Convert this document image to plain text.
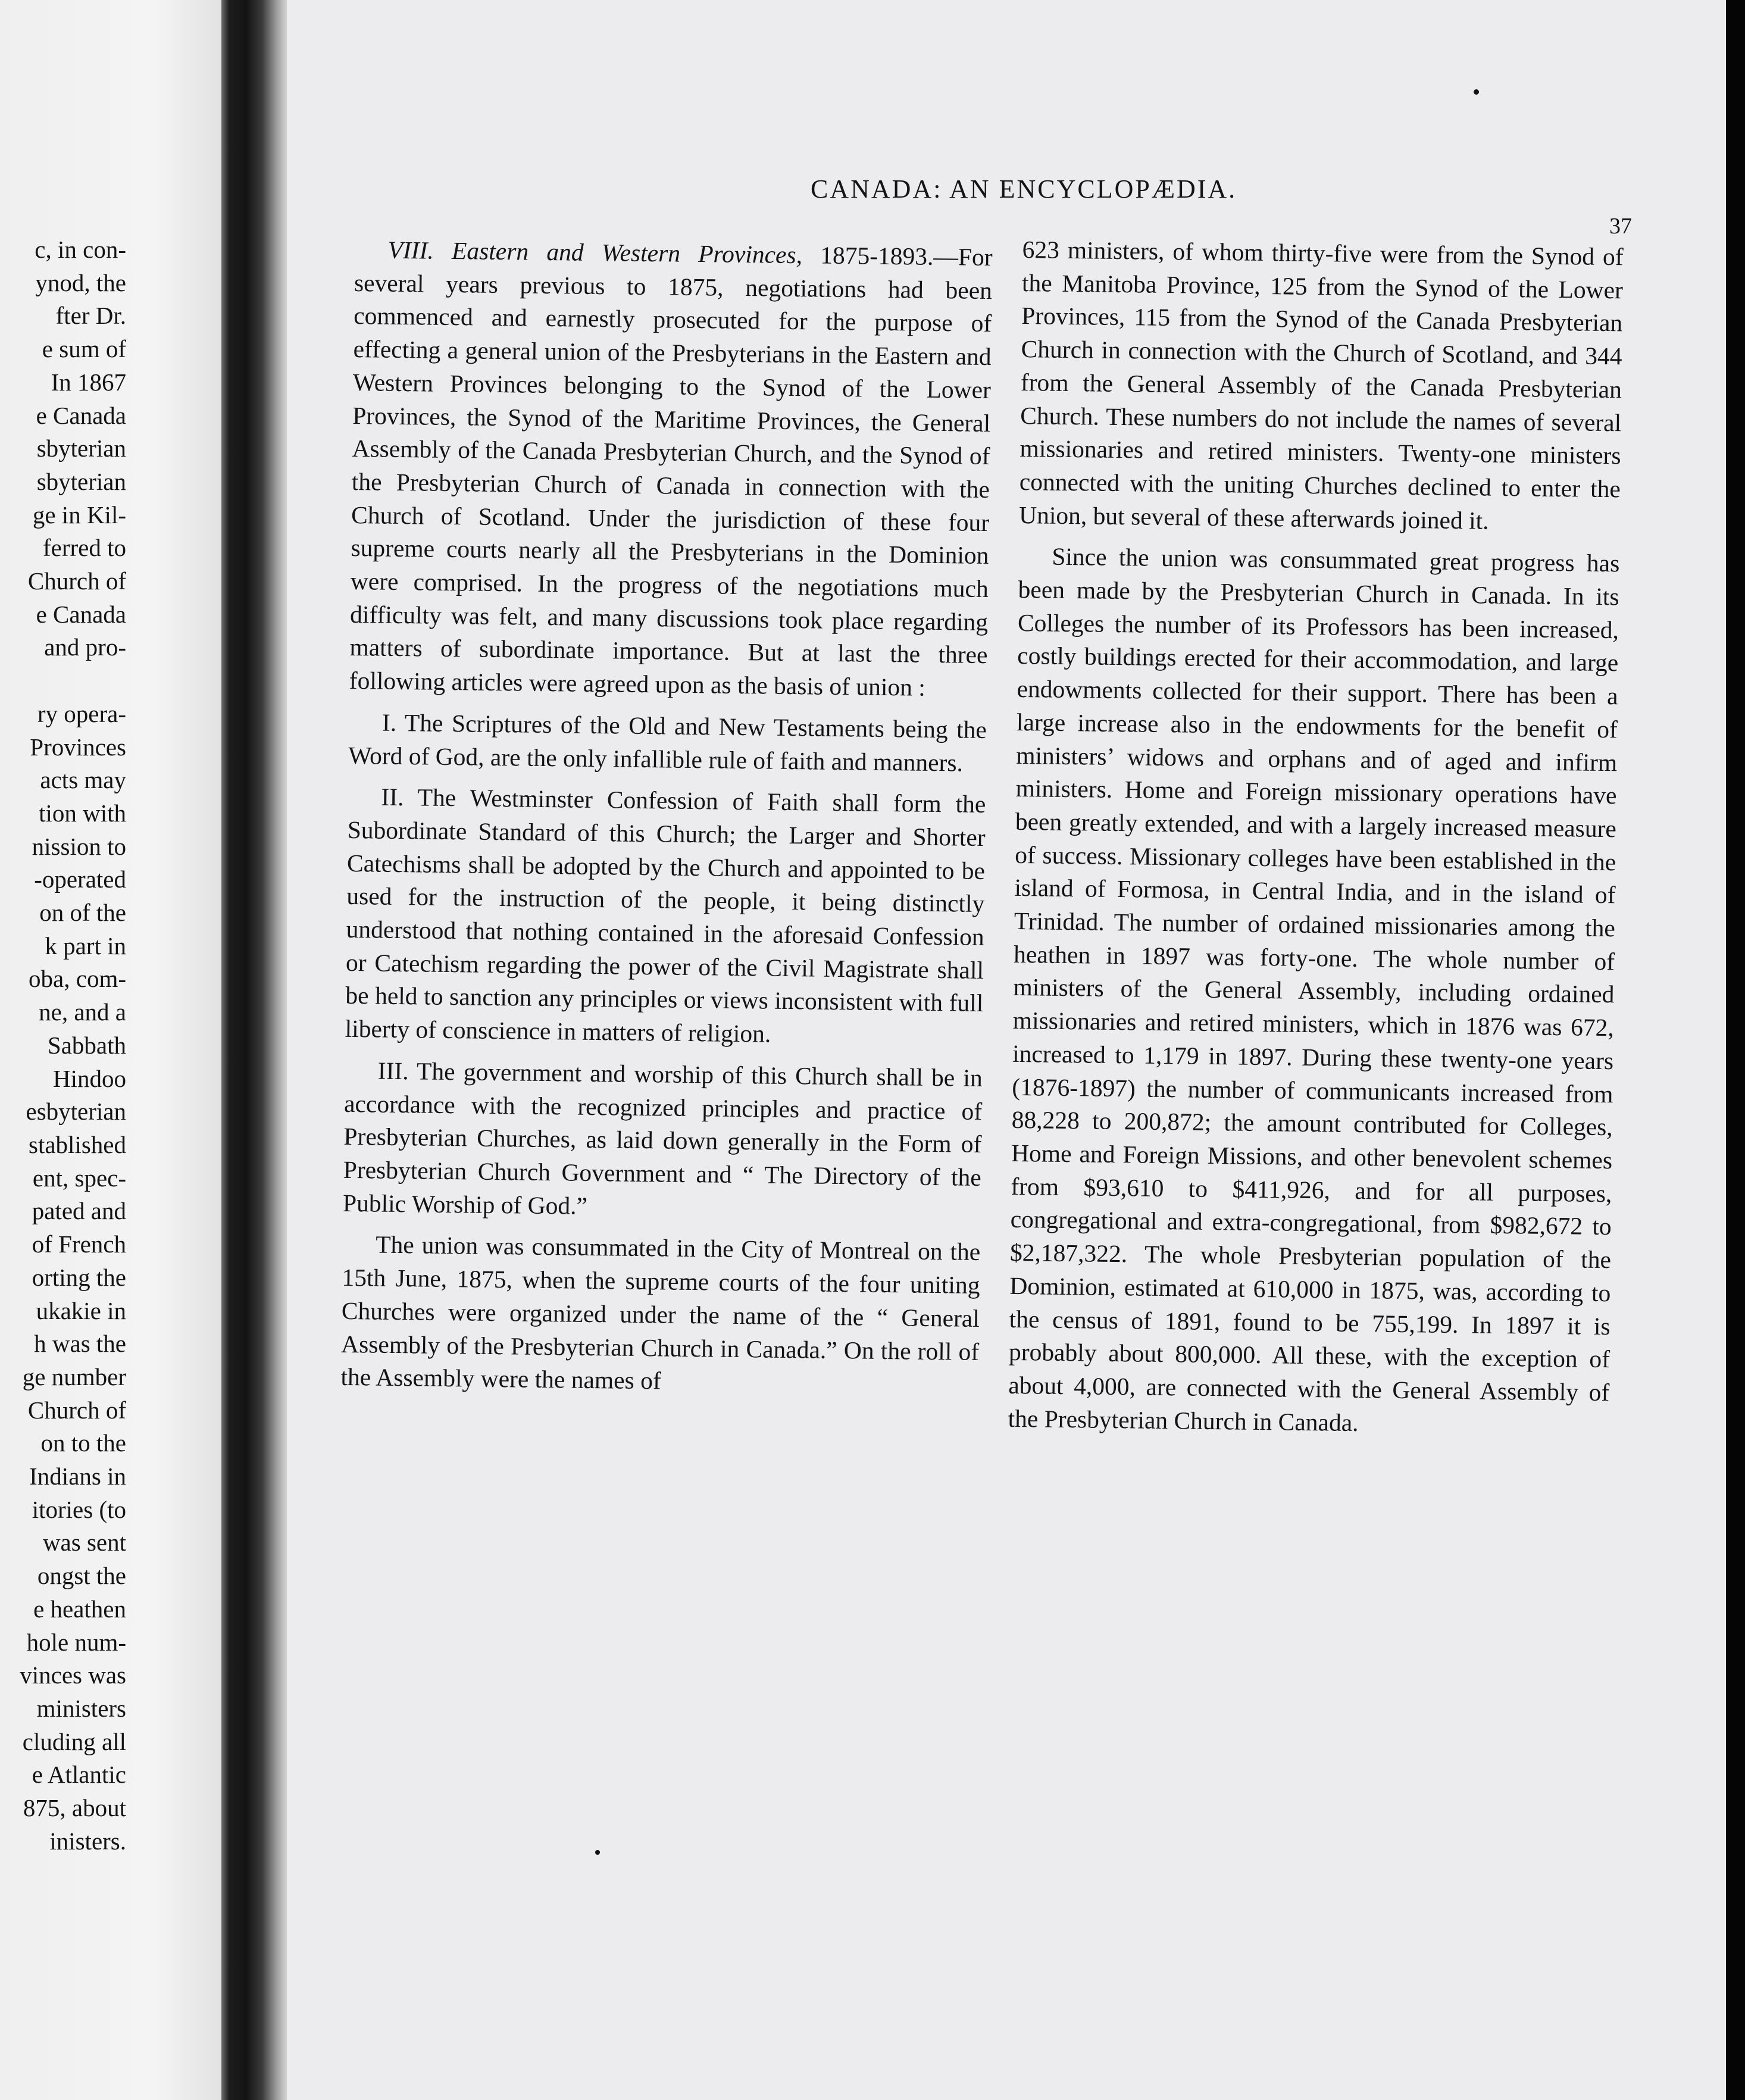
c, in con-
ynod, the
fter Dr.
e sum of
In 1867
e Canada
sbyterian
sbyterian
ge in Kil-
ferred to
Church of
e Canada
and pro-

ry opera-
Provinces
acts may
tion with
nission to
-operated
on of the
k part in
oba, com-
ne, and a
Sabbath
Hindoo
esbyterian
stablished
ent, spec-
pated and
of French
orting the
ukakie in
h was the
ge number
Church of
on to the
Indians in
itories (to
was sent
ongst the
e heathen
hole num-
vinces was
ministers
cluding all
e Atlantic
875, about
inisters.
CANADA: AN ENCYCLOPÆDIA.
37

VIII. Eastern and Western Provinces, 1875-1893.—For several years previous to 1875, negotiations had been commenced and earnestly prosecuted for the purpose of effecting a general union of the Presbyterians in the Eastern and Western Provinces belonging to the Synod of the Lower Provinces, the Synod of the Maritime Provinces, the General Assembly of the Canada Presbyterian Church, and the Synod of the Presbyterian Church of Canada in connection with the Church of Scotland. Under the jurisdiction of these four supreme courts nearly all the Presbyterians in the Dominion were comprised. In the progress of the negotiations much difficulty was felt, and many discussions took place regarding matters of subordinate importance. But at last the three following articles were agreed upon as the basis of union :

I. The Scriptures of the Old and New Testaments being the Word of God, are the only infallible rule of faith and manners.

II. The Westminster Confession of Faith shall form the Subordinate Standard of this Church; the Larger and Shorter Catechisms shall be adopted by the Church and appointed to be used for the instruction of the people, it being distinctly understood that nothing contained in the aforesaid Confession or Catechism regarding the power of the Civil Magistrate shall be held to sanction any principles or views inconsistent with full liberty of conscience in matters of religion.

III. The government and worship of this Church shall be in accordance with the recognized principles and practice of Presbyterian Churches, as laid down generally in the Form of Presbyterian Church Government and “ The Directory of the Public Worship of God.”

The union was consummated in the City of Montreal on the 15th June, 1875, when the supreme courts of the four uniting Churches were organized under the name of the “ General Assembly of the Presbyterian Church in Canada.” On the roll of the Assembly were the names of

623 ministers, of whom thirty-five were from the Synod of the Manitoba Province, 125 from the Synod of the Lower Provinces, 115 from the Synod of the Canada Presbyterian Church in connection with the Church of Scotland, and 344 from the General Assembly of the Canada Presbyterian Church. These numbers do not include the names of several missionaries and retired ministers. Twenty-one ministers connected with the uniting Churches declined to enter the Union, but several of these afterwards joined it.

Since the union was consummated great progress has been made by the Presbyterian Church in Canada. In its Colleges the number of its Professors has been increased, costly buildings erected for their accommodation, and large endowments collected for their support. There has been a large increase also in the endowments for the benefit of ministers’ widows and orphans and of aged and infirm ministers. Home and Foreign missionary operations have been greatly extended, and with a largely increased measure of success. Missionary colleges have been established in the island of Formosa, in Central India, and in the island of Trinidad. The number of ordained missionaries among the heathen in 1897 was forty-one. The whole number of ministers of the General Assembly, including ordained missionaries and retired ministers, which in 1876 was 672, increased to 1,179 in 1897. During these twenty-one years (1876-1897) the number of communicants increased from 88,228 to 200,872; the amount contributed for Colleges, Home and Foreign Missions, and other benevolent schemes from $93,610 to $411,926, and for all purposes, congregational and extra-congregational, from $982,672 to $2,187,322. The whole Presbyterian population of the Dominion, estimated at 610,000 in 1875, was, according to the census of 1891, found to be 755,199. In 1897 it is probably about 800,000. All these, with the exception of about 4,000, are connected with the General Assembly of the Presbyterian Church in Canada.
